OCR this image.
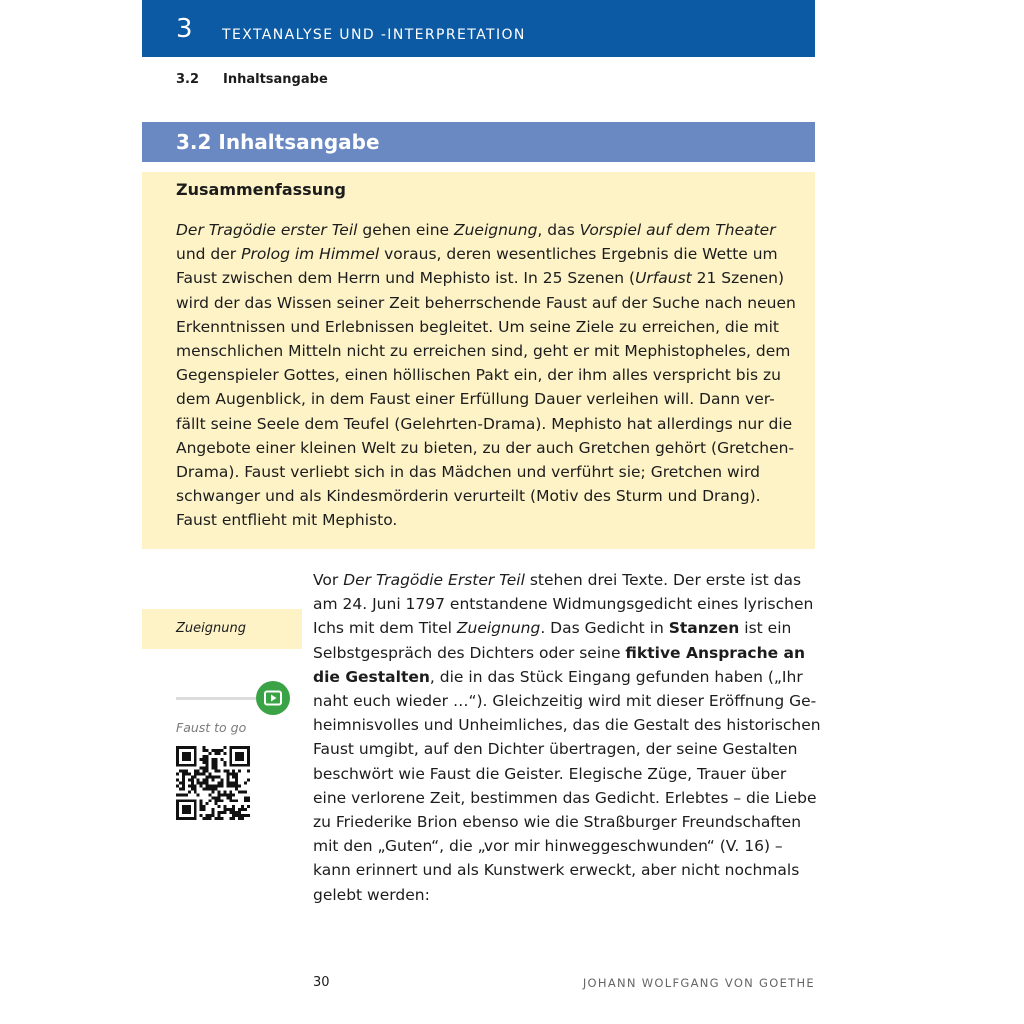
3 TEXTANALYSE UND -INTERPRETATION
3.2 Inhaltsangabe
3.2 Inhaltsangabe
Zusammenfassung

Der Tragödie erster Teil gehen eine Zueignung, das Vorspiel auf dem Theater
und der Prolog im Himmel voraus, deren wesentliches Ergebnis die Wette um
Faust zwischen dem Herrn und Mephisto ist. In 25 Szenen (Urfaust 21 Szenen)
wird der das Wissen seiner Zeit beherrschende Faust auf der Suche nach neuen
Erkenntnissen und Erlebnissen begleitet. Um seine Ziele zu erreichen, die mit
menschlichen Mitteln nicht zu erreichen sind, geht er mit Mephistopheles, dem
Gegenspieler Gottes, einen höllischen Pakt ein, der ihm alles verspricht bis zu
dem Augenblick, in dem Faust einer Erfüllung Dauer verleihen will. Dann ver-
fällt seine Seele dem Teufel (Gelehrten-Drama). Mephisto hat allerdings nur die
Angebote einer kleinen Welt zu bieten, zu der auch Gretchen gehört (Gretchen-
Drama). Faust verliebt sich in das Mädchen und verführt sie; Gretchen wird
schwanger und als Kindesmörderin verurteilt (Motiv des Sturm und Drang).
Faust entflieht mit Mephisto.

Zueignung
Faust to go

Vor Der Tragödie Erster Teil stehen drei Texte. Der erste ist das
am 24. Juni 1797 entstandene Widmungsgedicht eines lyrischen
Ichs mit dem Titel Zueignung. Das Gedicht in Stanzen ist ein
Selbstgespräch des Dichters oder seine fiktive Ansprache an
die Gestalten, die in das Stück Eingang gefunden haben („Ihr
naht euch wieder …“). Gleichzeitig wird mit dieser Eröffnung Ge-
heimnisvolles und Unheimliches, das die Gestalt des historischen
Faust umgibt, auf den Dichter übertragen, der seine Gestalten
beschwört wie Faust die Geister. Elegische Züge, Trauer über
eine verlorene Zeit, bestimmen das Gedicht. Erlebtes – die Liebe
zu Friederike Brion ebenso wie die Straßburger Freundschaften
mit den „Guten“, die „vor mir hinweggeschwunden“ (V. 16) –
kann erinnert und als Kunstwerk erweckt, aber nicht nochmals
gelebt werden:

30	JOHANN WOLFGANG VON GOETHE
